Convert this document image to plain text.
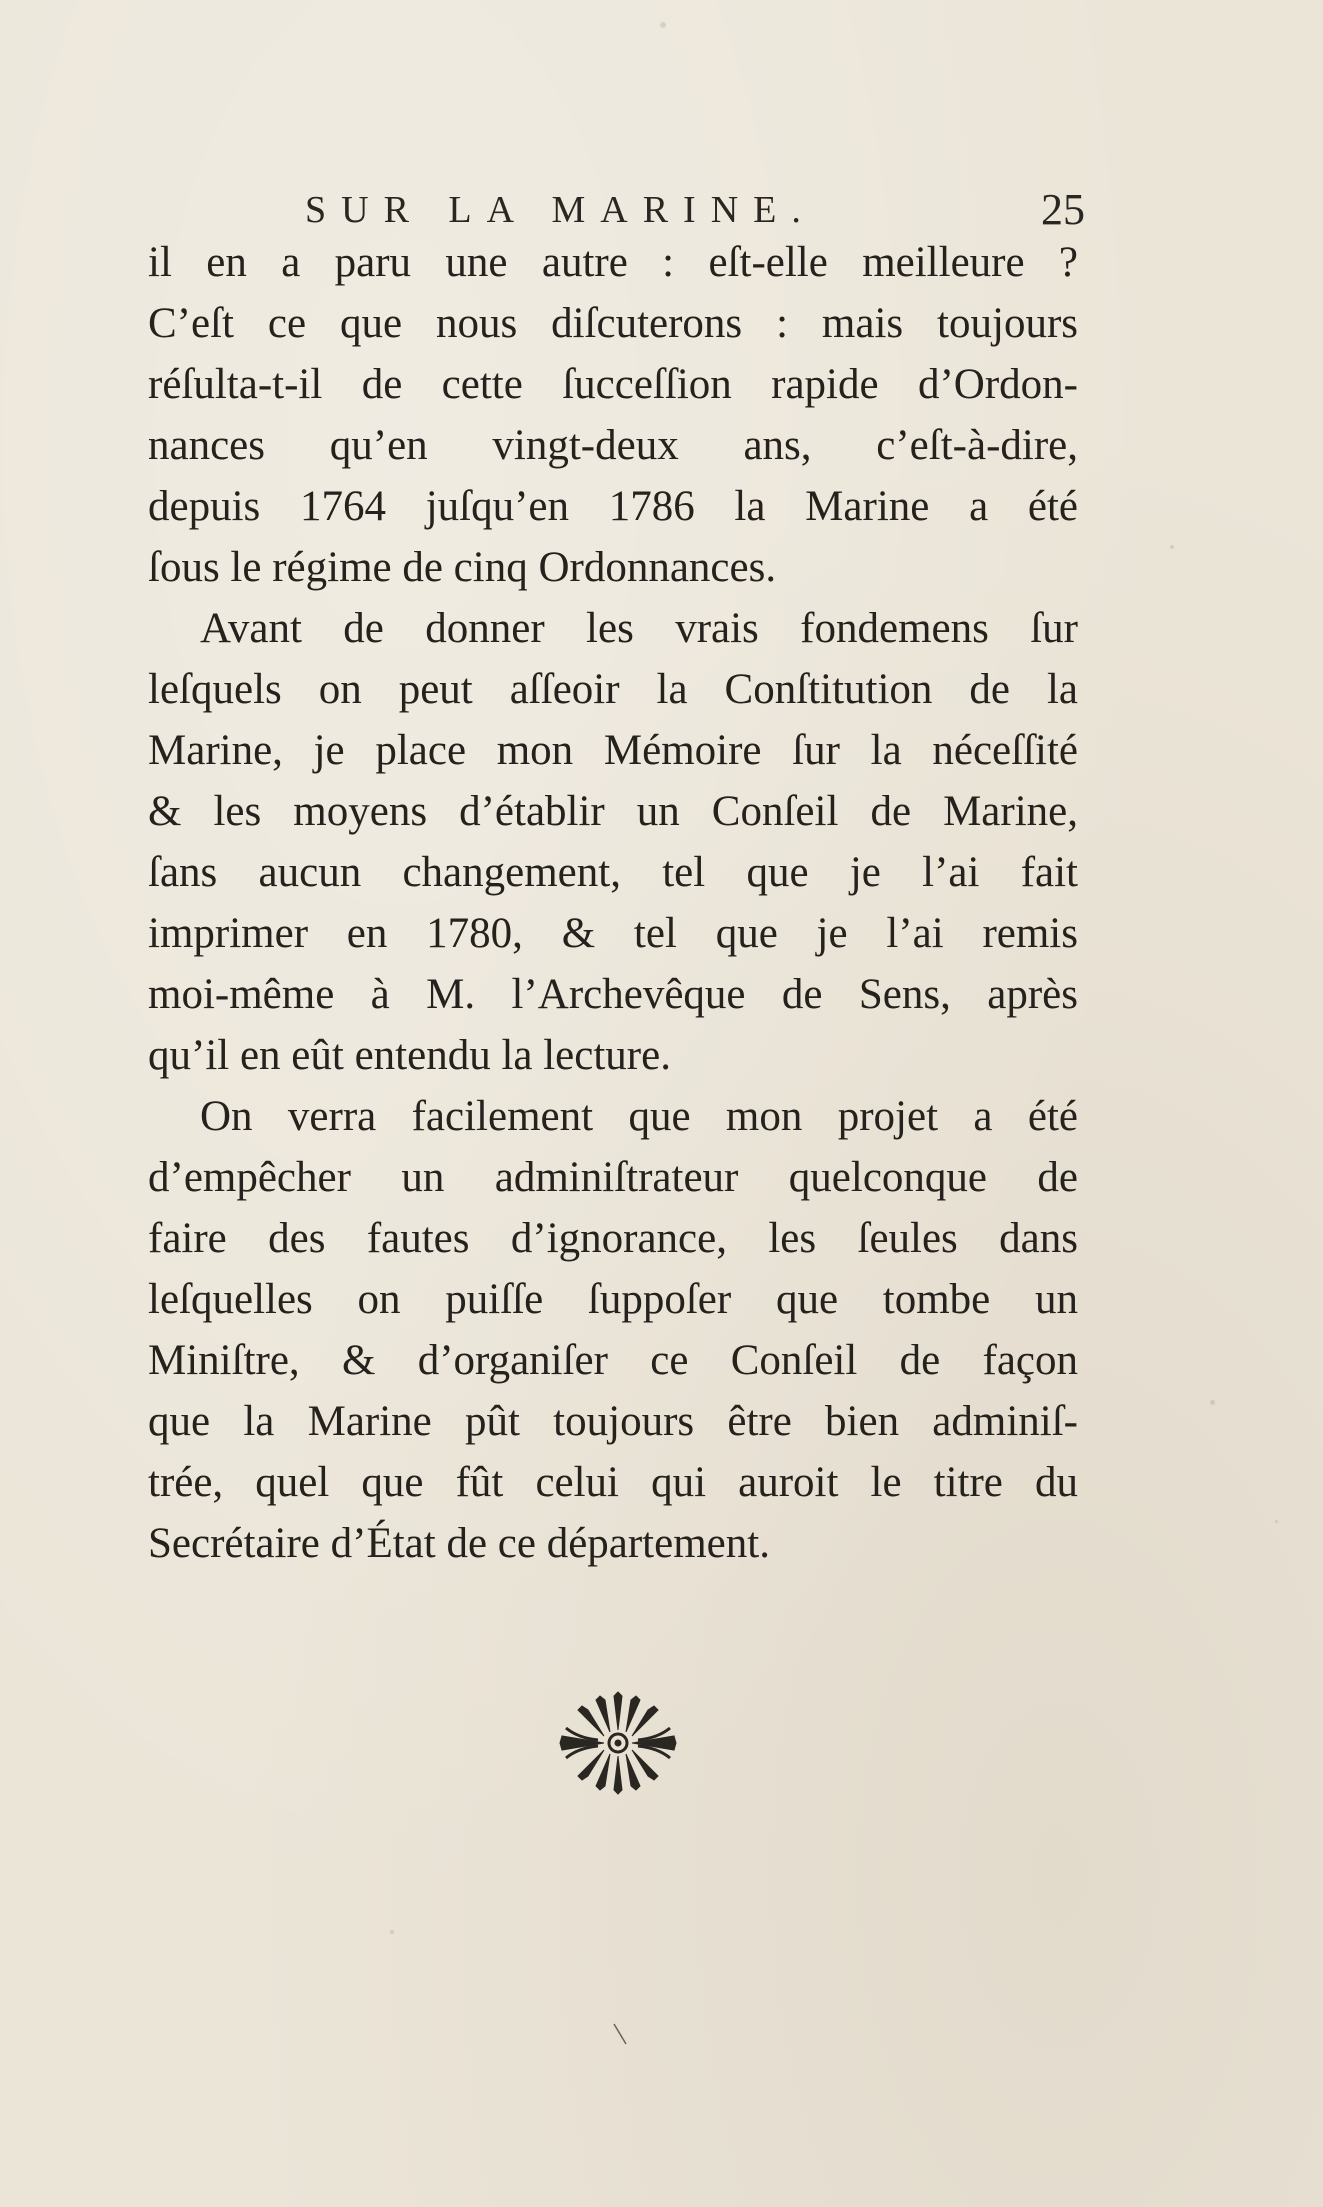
SUR LA MARINE.	25
il en a paru une autre : eſt-elle meilleure ?
C’eſt ce que nous diſcuterons : mais toujours
réſulta-t-il de cette ſucceſſion rapide d’Ordon-
nances qu’en vingt-deux ans, c’eſt-à-dire,
depuis 1764 juſqu’en 1786 la Marine a été
ſous le régime de cinq Ordonnances.
Avant de donner les vrais fondemens ſur
leſquels on peut aſſeoir la Conſtitution de la
Marine, je place mon Mémoire ſur la néceſſité
& les moyens d’établir un Conſeil de Marine,
ſans aucun changement, tel que je l’ai fait
imprimer en 1780, & tel que je l’ai remis
moi-même à M. l’Archevêque de Sens, après
qu’il en eût entendu la lecture.
On verra facilement que mon projet a été
d’empêcher un adminiſtrateur quelconque de
faire des fautes d’ignorance, les ſeules dans
leſquelles on puiſſe ſuppoſer que tombe un
Miniſtre, & d’organiſer ce Conſeil de façon
que la Marine pût toujours être bien adminiſ-
trée, quel que fût celui qui auroit le titre du
Secrétaire d’État de ce département.
